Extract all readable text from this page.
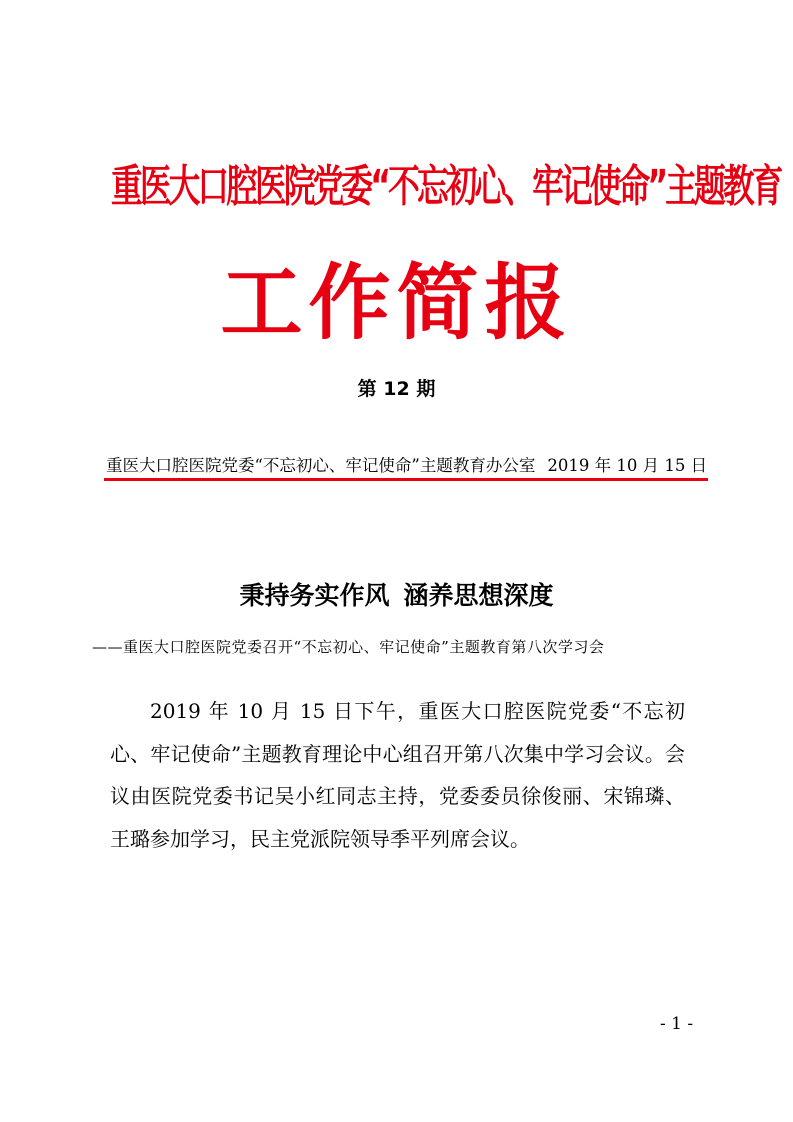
重医大口腔医院党委“不忘初心、牢记使命”主题教育
工作简报
第 12 期
重医大口腔医院党委“不忘初心、牢记使命”主题教育办公室 2019 年 10 月 15 日
秉持务实作风 涵养思想深度
——重医大口腔医院党委召开“不忘初心、牢记使命”主题教育第八次学习会

2019 年 10 月 15 日下午，重医大口腔医院党委“不忘初心、牢记使命”主题教育理论中心组召开第八次集中学习会议。会议由医院党委书记吴小红同志主持，党委委员徐俊丽、宋锦璘、王璐参加学习，民主党派院领导季平列席会议。

- 1 -
